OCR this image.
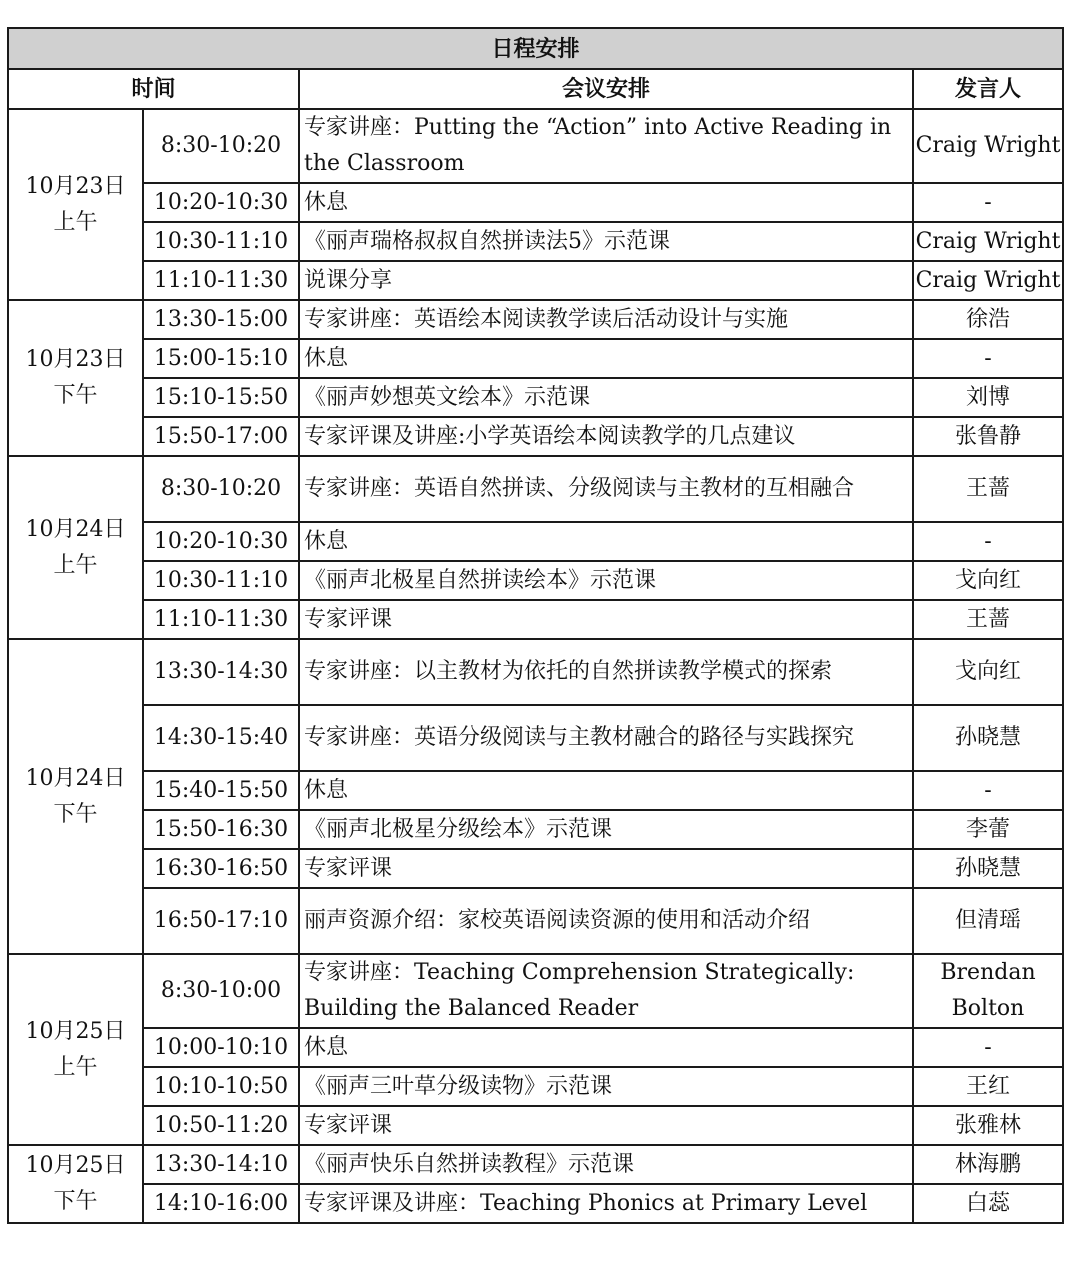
日程安排			
时间		会议安排	发言人

10月23日
上午	8:30-10:20	专家讲座：Putting the “Action” into Active Reading in the Classroom	Craig Wright
	10:20-10:30	休息	-
	10:30-11:10	《丽声瑞格叔叔自然拼读法5》示范课	Craig Wright
	11:10-11:30	说课分享	Craig Wright

10月23日
下午	13:30-15:00	专家讲座：英语绘本阅读教学读后活动设计与实施	徐浩
	15:00-15:10	休息	-
	15:10-15:50	《丽声妙想英文绘本》示范课	刘博
	15:50-17:00	专家评课及讲座:小学英语绘本阅读教学的几点建议	张鲁静

10月24日
上午	8:30-10:20	专家讲座：英语自然拼读、分级阅读与主教材的互相融合	王蔷
	10:20-10:30	休息	-
	10:30-11:10	《丽声北极星自然拼读绘本》示范课	戈向红
	11:10-11:30	专家评课	王蔷

10月24日
下午	13:30-14:30	专家讲座：以主教材为依托的自然拼读教学模式的探索	戈向红
	14:30-15:40	专家讲座：英语分级阅读与主教材融合的路径与实践探究	孙晓慧
	15:40-15:50	休息	-
	15:50-16:30	《丽声北极星分级绘本》示范课	李蕾
	16:30-16:50	专家评课	孙晓慧
	16:50-17:10	丽声资源介绍：家校英语阅读资源的使用和活动介绍	但清瑶

10月25日
上午	8:30-10:00	专家讲座：Teaching Comprehension Strategically: Building the Balanced Reader	Brendan Bolton
	10:00-10:10	休息	-
	10:10-10:50	《丽声三叶草分级读物》示范课	王红
	10:50-11:20	专家评课	张雅林

10月25日
下午	13:30-14:10	《丽声快乐自然拼读教程》示范课	林海鹏
	14:10-16:00	专家评课及讲座：Teaching Phonics at Primary Level	白蕊
